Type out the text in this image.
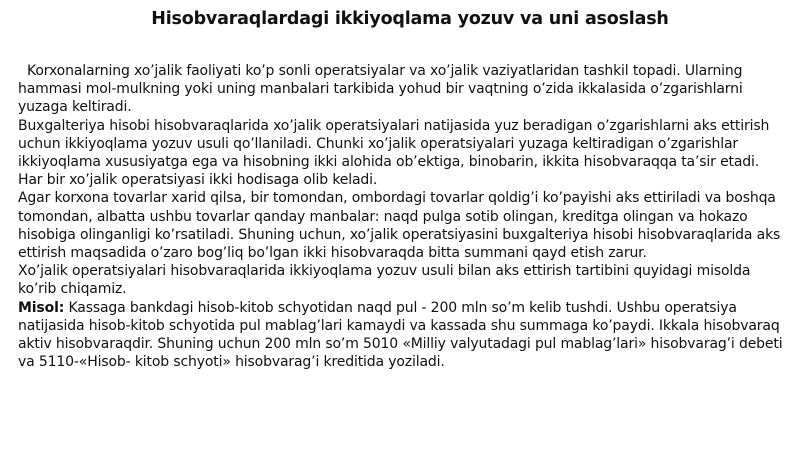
Hisobvaraqlardagi ikkiyoqlama yozuv va uni asoslash

Korxonalarning xo’jalik faoliyati ko’p sonli operatsiyalar va xo’jalik vaziyatlaridan tashkil topadi. Ularning hammasi mol-mulkning yoki uning manbalari tarkibida yohud bir vaqtning o’zida ikkalasida o’zgarishlarni yuzaga keltiradi.

Buxgalteriya hisobi hisobvaraqlarida xo’jalik operatsiyalari natijasida yuz beradigan o’zgarishlarni aks ettirish uchun ikkiyoqlama yozuv usuli qo’llaniladi. Chunki xo’jalik operatsiyalari yuzaga keltiradigan o’zgarishlar ikkiyoqlama xususiyatga ega va hisobning ikki alohida ob’ektiga, binobarin, ikkita hisobvaraqqa ta’sir etadi. Har bir xo’jalik operatsiyasi ikki hodisaga olib keladi.

Agar korxona tovarlar xarid qilsa, bir tomondan, ombordagi tovarlar qoldig’i ko’payishi aks ettiriladi va boshqa tomondan, albatta ushbu tovarlar qanday manbalar: naqd pulga sotib olingan, kreditga olingan va hokazo hisobiga olinganligi ko’rsatiladi. Shuning uchun, xo’jalik operatsiyasini buxgalteriya hisobi hisobvaraqlarida aks ettirish maqsadida o’zaro bog’liq bo’lgan ikki hisobvaraqda bitta summani qayd etish zarur.

Xo’jalik operatsiyalari hisobvaraqlarida ikkiyoqlama yozuv usuli bilan aks ettirish tartibini quyidagi misolda ko’rib chiqamiz.

Misol: Kassaga bankdagi hisob-kitob schyotidan naqd pul - 200 mln so’m kelib tushdi. Ushbu operatsiya natijasida hisob-kitob schyotida pul mablag’lari kamaydi va kassada shu summaga ko’paydi. Ikkala hisobvaraq aktiv hisobvaraqdir. Shuning uchun 200 mln so’m 5010 «Milliy valyutadagi pul mablag’lari» hisobvarag’i debeti va 5110-«Hisob- kitob schyoti» hisobvarag’i kreditida yoziladi.
